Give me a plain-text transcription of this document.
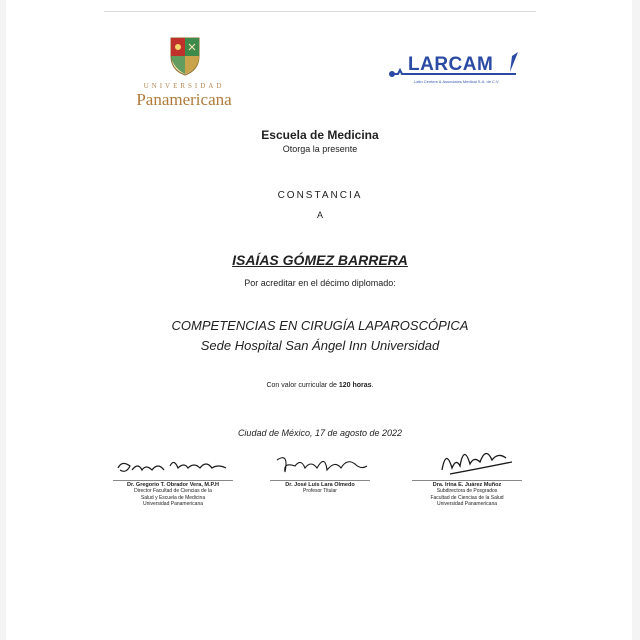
UNIVERSIDAD
Panamericana
LARCAM
Latin Centers & Associates Medical S.A. de C.V.
Escuela de Medicina
Otorga la presente
CONSTANCIA
A
ISAÍAS GÓMEZ BARRERA
Por acreditar en el décimo diplomado:
COMPETENCIAS EN CIRUGÍA LAPAROSCÓPICA
Sede Hospital San Ángel Inn Universidad
Con valor curricular de 120 horas.
Ciudad de México, 17 de agosto de 2022
Dr. Gregorio T. Obrador Vera, M.P.H
Director Facultad de Ciencias de la
Salud y Escuela de Medicina
Universidad Panamericana
Dr. José Luis Lara Olmedo
Profesor Titular
Dra. Irina E. Juárez Muñoz
Subdirectora de Posgrados
Facultad de Ciencias de la Salud
Universidad Panamericana
